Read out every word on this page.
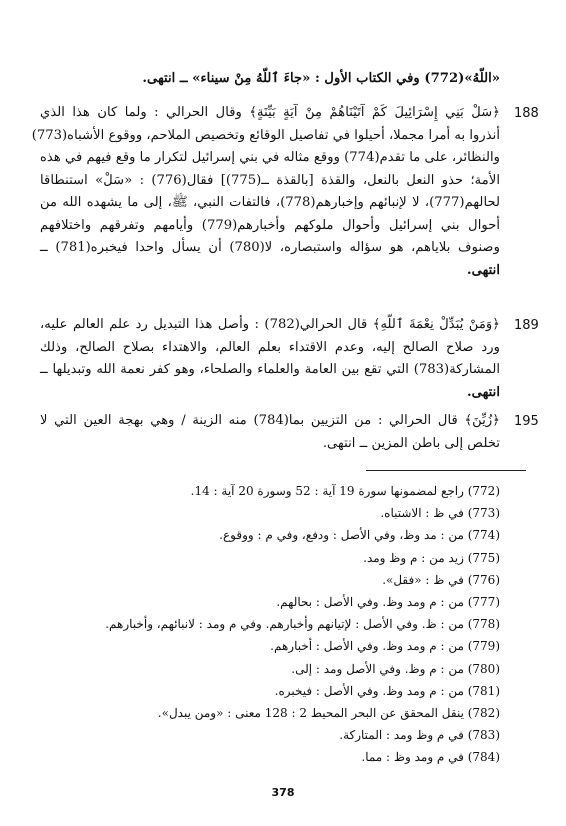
«اللّهُ»(772) وفي الكتاب الأول : «جاءَ ٱللّهُ مِنْ سيناء» ــ انتهى.
188
﴿سَلْ بَنِي إِسْرَائِيلَ كَمْ آتَيْنَاهُمْ مِنْ آيَةٍ بَيِّنَةٍ﴾ وقال الحرالي : ولما كان هذا الذي
أنذروا به أمرا مجملا، أحيلوا في تفاصيل الوقائع وتخصيص الملاحم، ووقوع الأشباه(773)
والنظائر، على ما تقدم(774) ووقع مثاله في بني إسرائيل لتكرار ما وقع فيهم في هذه
الأمة؛ حذو النعل بالنعل، والقذة [بالقذة ــ(775)] فقال(776) : «سَلْ» استنطاقا
لحالهم(777)، لا لإنبائهم وإخبارهم(778)، فالتفات النبي، ﷺ، إلى ما يشهده الله من
أحوال بني إسرائيل وأحوال ملوكهم وأخبارهم(779) وأيامهم وتفرقهم واختلافهم
وصنوف بلاياهم، هو سؤاله واستبصاره، لا(780) أن يسأل واحدا فيخبره(781) ــ
انتهى.
189
﴿وَمَنْ يُبَدِّلْ نِعْمَةَ ٱللّهِ﴾ قال الحرالي(782) : وأصل هذا التبديل رد علم العالم عليه،
ورد صلاح الصالح إليه، وعدم الاقتداء بعلم العالم، والاهتداء بصلاح الصالح، وذلك
المشاركة(783) التي تقع بين العامة والعلماء والصلحاء، وهو كفر نعمة الله وتبديلها ــ
انتهى.
195
﴿زُيِّنَ﴾ قال الحرالي : من التزيين بما(784) منه الزينة / وهي بهجة العين التي لا
تخلص إلى باطن المزين ــ انتهى.
(772) راجع لمضمونها سورة 19 آية : 52 وسورة 20 آية : 14.
(773) في ظ : الاشتباه.
(774) من : مد وظ، وفي الأصل : ودفع، وفي م : ووقوع.
(775) زيد من : م وظ ومد.
(776) في ظ : «فقل».
(777) من : م ومد وظ. وفي الأصل : بحالهم.
(778) من : ظ. وفي الأصل : لإتيانهم وأخبارهم. وفي م ومد : لانبائهم، وأخبارهم.
(779) من : م ومد وظ. وفي الأصل : أخبارهم.
(780) من : م وظ. وفي الأصل ومد : إلى.
(781) من : م ومد وظ. وفي الأصل : فيخبره.
(782) ينقل المحقق عن البحر المحيط 2 : 128 معنى : «ومن يبدل».
(783) في م وظ ومد : المتاركة.
(784) في م ومد وظ : مما.
378
